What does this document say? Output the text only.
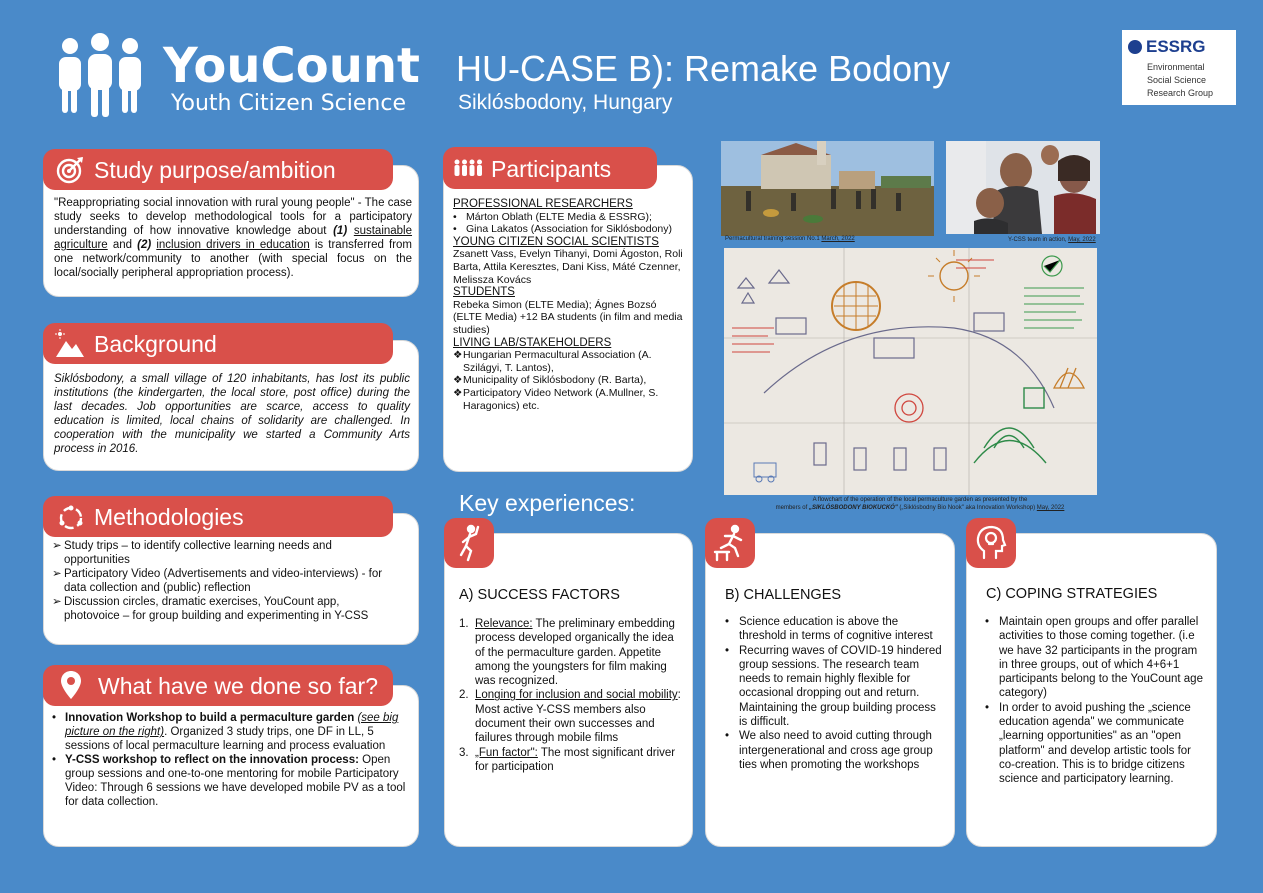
YouCount
Youth Citizen Science
HU-CASE B): Remake Bodony
Siklósbodony, Hungary
ESSRG
Environmental
Social Science
Research Group
Study purpose/ambition
"Reappropriating social innovation with rural young people" - The case study seeks to develop methodological tools for a participatory understanding of how innovative knowledge about (1) sustainable agriculture and (2) inclusion drivers in education is transferred from one network/community to another (with special focus on the local/socially peripheral appropriation process).
Background
Siklósbodony, a small village of 120 inhabitants, has lost its public institutions (the kindergarten, the local store, post office) during the last decades. Job opportunities are scarce, access to quality education is limited, local chains of solidarity are challenged. In cooperation with the municipality we started a Community Arts process in 2016.
Methodologies
➢ Study trips – to identify collective learning needs and opportunities
➢ Participatory Video (Advertisements and video-interviews) - for data collection and (public) reflection
➢ Discussion circles, dramatic exercises, YouCount app, photovoice – for group building and experimenting in Y-CSS
What have we done so far?
• Innovation Workshop to build a permaculture garden (see big picture on the right). Organized 3 study trips, one DF in LL, 5 sessions of local permaculture learning and process evaluation
• Y-CSS workshop to reflect on the innovation process: Open group sessions and one-to-one mentoring for mobile Participatory Video: Through 6 sessions we have developed mobile PV as a tool for data collection.
Participants
PROFESSIONAL RESEARCHERS
• Márton Oblath (ELTE Media & ESSRG);
• Gina Lakatos (Association for Siklósbodony)
YOUNG CITIZEN SOCIAL SCIENTISTS
Zsanett Vass, Evelyn Tihanyi, Domi Ágoston, Roli Barta, Attila Keresztes, Dani Kiss, Máté Czenner, Melissza Kovács
STUDENTS
Rebeka Simon (ELTE Media); Ágnes Bozsó (ELTE Media) +12 BA students (in film and media studies)
LIVING LAB/STAKEHOLDERS
❖ Hungarian Permacultural Association (A. Szilágyi, T. Lantos),
❖ Municipality of Siklósbodony (R. Barta),
❖ Participatory Video Network (A.Mullner, S. Haragonics) etc.
Permacultural training session No.1 March, 2022	Y-CSS team in action, May, 2022
A flowchart of the operation of the local permaculture garden as presented by the
members of „SIKLÓSBODONY BIOKUCKÓ" („Siklósbodny Bio Nook" aka Innovation Workshop) May, 2022
Key experiences:
A) SUCCESS FACTORS
1. Relevance: The preliminary embedding process developed organically the idea of the permaculture garden. Appetite among the youngsters for film making was recognized.
2. Longing for inclusion and social mobility: Most active Y-CSS members also document their own successes and failures through mobile films
3. „Fun factor": The most significant driver for participation
B) CHALLENGES
• Science education is above the threshold in terms of cognitive interest
• Recurring waves of COVID-19 hindered group sessions. The research team needs to remain highly flexible for occasional dropping out and return. Maintaining the group building process is difficult.
• We also need to avoid cutting through intergenerational and cross age group ties when promoting the workshops
C) COPING STRATEGIES
• Maintain open groups and offer parallel activities to those coming together. (i.e we have 32 participants in the program in three groups, out of which 4+6+1 participants belong to the YouCount age category)
• In order to avoid pushing the „science education agenda" we communicate „learning opportunities" as an "open platform" and develop artistic tools for co-creation. This is to bridge citizens science and participatory learning.
